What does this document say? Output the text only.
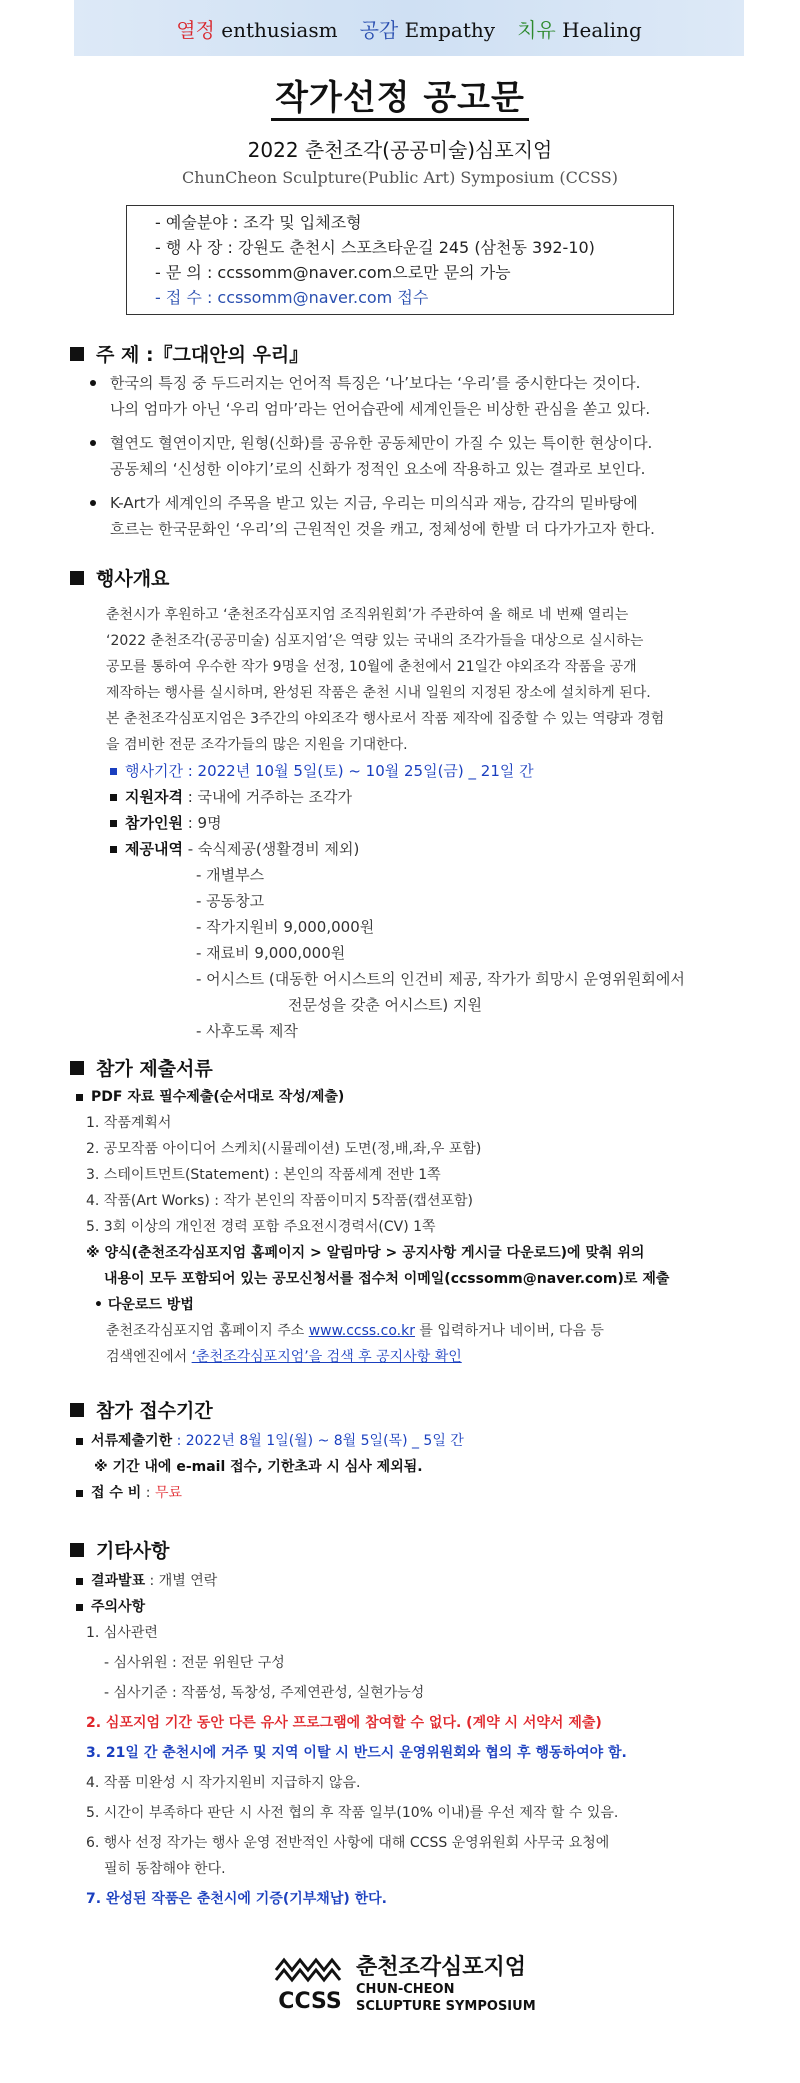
열정 enthusiasm 공감 Empathy 치유 Healing
작가선정 공고문
2022 춘천조각(공공미술)심포지엄
ChunCheon Sculpture(Public Art) Symposium (CCSS)
- 예술분야 : 조각 및 입체조형
- 행 사 장 : 강원도 춘천시 스포츠타운길 245 (삼천동 392-10)
- 문 의 : ccssomm@naver.com으로만 문의 가능
- 접 수 : ccssomm@naver.com 접수
주 제 :『그대안의 우리』
한국의 특징 중 두드러지는 언어적 특징은 ‘나’보다는 ‘우리’를 중시한다는 것이다.
나의 엄마가 아닌 ‘우리 엄마’라는 언어습관에 세계인들은 비상한 관심을 쏟고 있다.
혈연도 혈연이지만, 원형(신화)를 공유한 공동체만이 가질 수 있는 특이한 현상이다.
공동체의 ‘신성한 이야기’로의 신화가 정적인 요소에 작용하고 있는 결과로 보인다.
K-Art가 세계인의 주목을 받고 있는 지금, 우리는 미의식과 재능, 감각의 밑바탕에
흐르는 한국문화인 ‘우리’의 근원적인 것을 캐고, 정체성에 한발 더 다가가고자 한다.
행사개요
춘천시가 후원하고 ‘춘천조각심포지엄 조직위원회’가 주관하여 올 해로 네 번째 열리는
‘2022 춘천조각(공공미술) 심포지엄’은 역량 있는 국내의 조각가들을 대상으로 실시하는
공모를 통하여 우수한 작가 9명을 선정, 10월에 춘천에서 21일간 야외조각 작품을 공개
제작하는 행사를 실시하며, 완성된 작품은 춘천 시내 일원의 지정된 장소에 설치하게 된다.
본 춘천조각심포지엄은 3주간의 야외조각 행사로서 작품 제작에 집중할 수 있는 역량과 경험
을 겸비한 전문 조각가들의 많은 지원을 기대한다.
행사기간 : 2022년 10월 5일(토) ~ 10월 25일(금) _ 21일 간
지원자격 : 국내에 거주하는 조각가
참가인원 : 9명
제공내역 - 숙식제공(생활경비 제외)
- 개별부스
- 공동창고
- 작가지원비 9,000,000원
- 재료비 9,000,000원
- 어시스트 (대동한 어시스트의 인건비 제공, 작가가 희망시 운영위원회에서
전문성을 갖춘 어시스트) 지원
- 사후도록 제작
참가 제출서류
PDF 자료 필수제출(순서대로 작성/제출)
1. 작품계획서
2. 공모작품 아이디어 스케치(시뮬레이션) 도면(정,배,좌,우 포함)
3. 스테이트먼트(Statement) : 본인의 작품세계 전반 1쪽
4. 작품(Art Works) : 작가 본인의 작품이미지 5작품(캡션포함)
5. 3회 이상의 개인전 경력 포함 주요전시경력서(CV) 1쪽
※ 양식(춘천조각심포지엄 홈페이지 > 알림마당 > 공지사항 게시글 다운로드)에 맞춰 위의
내용이 모두 포함되어 있는 공모신청서를 접수처 이메일(ccssomm@naver.com)로 제출
• 다운로드 방법
춘천조각심포지엄 홈페이지 주소 www.ccss.co.kr 를 입력하거나 네이버, 다음 등
검색엔진에서 ‘춘천조각심포지엄’을 검색 후 공지사항 확인
참가 접수기간
서류제출기한 : 2022년 8월 1일(월) ~ 8월 5일(목) _ 5일 간
※ 기간 내에 e-mail 접수, 기한초과 시 심사 제외됨.
접 수 비 : 무료
기타사항
결과발표 : 개별 연락
주의사항
1. 심사관련
- 심사위원 : 전문 위원단 구성
- 심사기준 : 작품성, 독창성, 주제연관성, 실현가능성
2. 심포지엄 기간 동안 다른 유사 프로그램에 참여할 수 없다. (계약 시 서약서 제출)
3. 21일 간 춘천시에 거주 및 지역 이탈 시 반드시 운영위원회와 협의 후 행동하여야 함.
4. 작품 미완성 시 작가지원비 지급하지 않음.
5. 시간이 부족하다 판단 시 사전 협의 후 작품 일부(10% 이내)를 우선 제작 할 수 있음.
6. 행사 선정 작가는 행사 운영 전반적인 사항에 대해 CCSS 운영위원회 사무국 요청에
필히 동참해야 한다.
7. 완성된 작품은 춘천시에 기증(기부채납) 한다.
CCSS
춘천조각심포지엄
CHUN-CHEON
SCLUPTURE SYMPOSIUM
